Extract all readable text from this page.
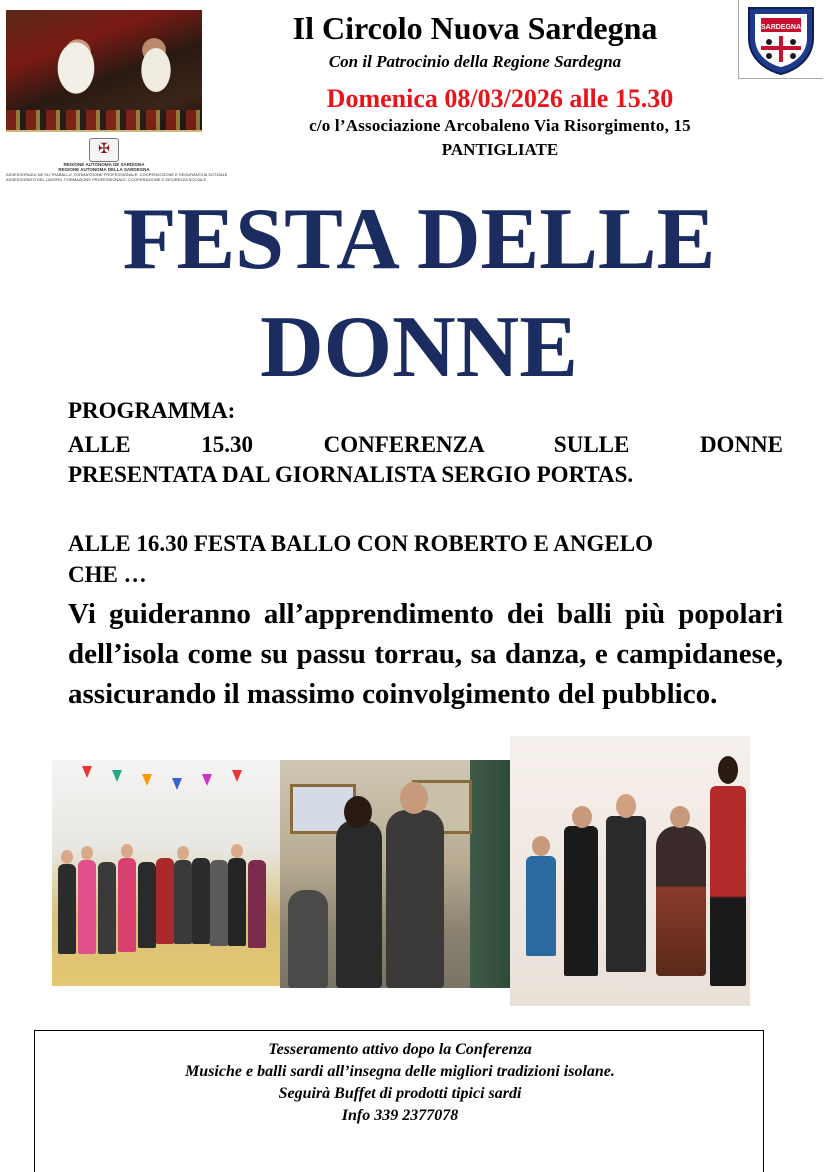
✠
REGIONE AUTÒNOMA DE SARDIGNA
REGIONE AUTONOMA DELLA SARDEGNA
ASSESSORADU DE SU TRABALLU, FORMATZIONE PROFESSIONALE, COOPERATZIONE E SEGURÀNTZIA SOTZIALE
ASSESSORATO DEL LAVORO, FORMAZIONE PROFESSIONALE, COOPERAZIONE E SICUREZZA SOCIALE
SARDEGNA
Il Circolo Nuova Sardegna
Con il Patrocinio della Regione Sardegna
Domenica 08/03/2026 alle 15.30
c/o l’Associazione Arcobaleno Via Risorgimento, 15
PANTIGLIATE
FESTA DELLE
DONNE
PROGRAMMA:
ALLE 15.30 CONFERENZA SULLE DONNE
PRESENTATA DAL GIORNALISTA SERGIO PORTAS.
ALLE 16.30 FESTA BALLO CON ROBERTO E ANGELO CHE …
Vi guideranno all’apprendimento dei balli più popolari dell’isola come su passu torrau, sa danza, e campidanese, assicurando il massimo coinvolgimento del pubblico.
Tesseramento attivo dopo la Conferenza
Musiche e balli sardi all’insegna delle migliori tradizioni isolane.
Seguirà Buffet di prodotti tipici sardi
Info 339 2377078
